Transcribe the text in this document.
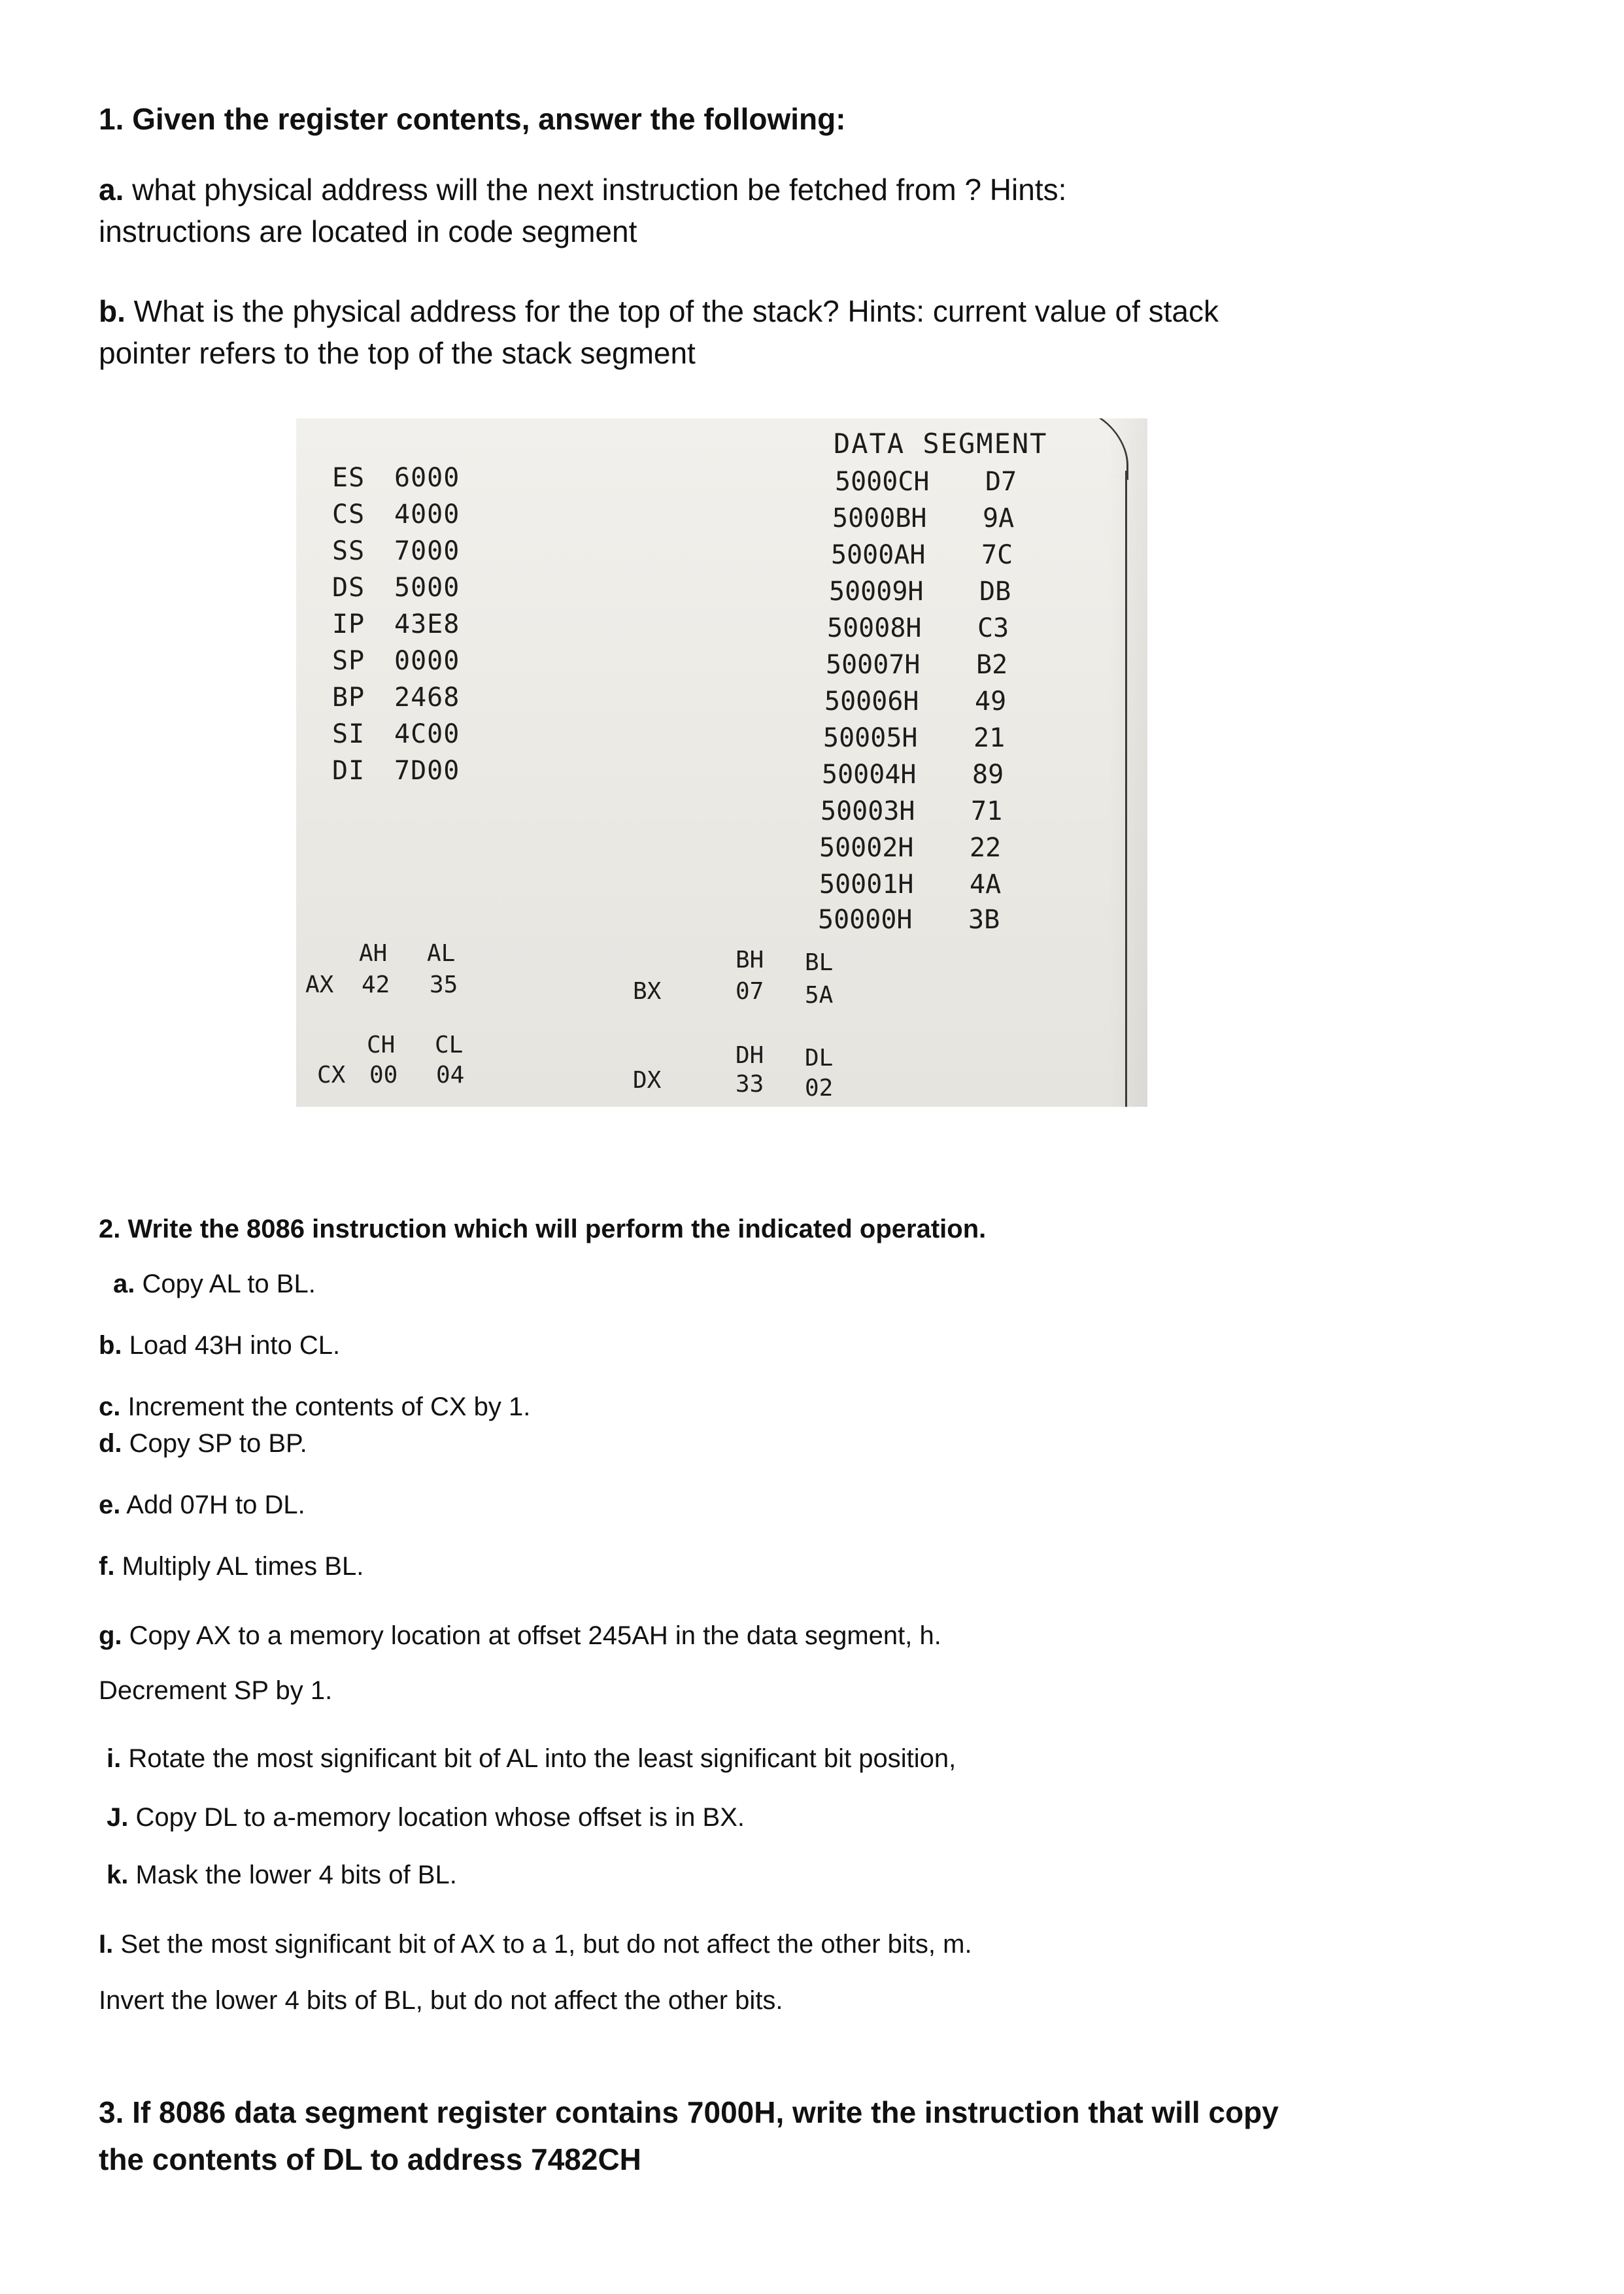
1. Given the register contents, answer the following:
a. what physical address will the next instruction be fetched from ? Hints:
instructions are located in code segment
b. What is the physical address for the top of the stack? Hints: current value of stack
pointer refers to the top of the stack segment
ES 6000
CS 4000
SS 7000
DS 5000
IP 43E8
SP 0000
BP 2468
SI 4C00
DI 7D00
DATA SEGMENT
5000CH D7
5000BH 9A
5000AH 7C
50009H DB
50008H C3
50007H B2
50006H 49
50005H 21
50004H 89
50003H 71
50002H 22
50001H 4A
50000H 3B
AH AL
AX 42 35	BX
BH BL
07 5A
CH CL
CX 00 04	DX
DH DL
33 02
2. Write the 8086 instruction which will perform the indicated operation.
a. Copy AL to BL.
b. Load 43H into CL.
c. Increment the contents of CX by 1.
d. Copy SP to BP.
e. Add 07H to DL.
f. Multiply AL times BL.
g. Copy AX to a memory location at offset 245AH in the data segment, h.
Decrement SP by 1.
i. Rotate the most significant bit of AL into the least significant bit position,
J. Copy DL to a-memory location whose offset is in BX.
k. Mask the lower 4 bits of BL.
I. Set the most significant bit of AX to a 1, but do not affect the other bits, m.
Invert the lower 4 bits of BL, but do not affect the other bits.
3. If 8086 data segment register contains 7000H, write the instruction that will copy
the contents of DL to address 7482CH
